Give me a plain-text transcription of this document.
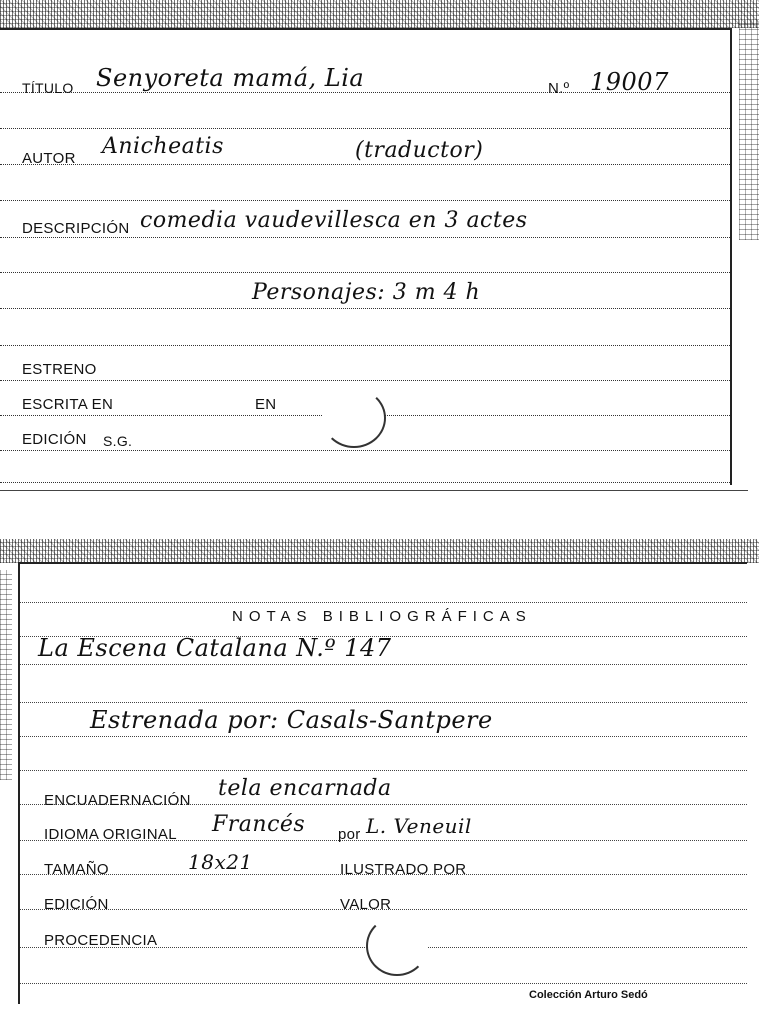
TÍTULO Senyoreta mamá, Lia	N.º 19007
AUTOR Anicheatis	(traductor)
DESCRIPCIÓN comedia vaudevillesca en 3 actes
Personajes: 3 m 4 h
ESTRENO
ESCRITA EN	EN
EDICIÓN S.G.
NOTAS BIBLIOGRÁFICAS
La Escena Catalana N.º 147
Estrenada por: Casals-Santpere
ENCUADERNACIÓN tela encarnada
IDIOMA ORIGINAL Francés por L. Veneuil
TAMAÑO	18x21	ILUSTRADO POR
EDICIÓN	VALOR
PROCEDENCIA
Colección Arturo Sedó
